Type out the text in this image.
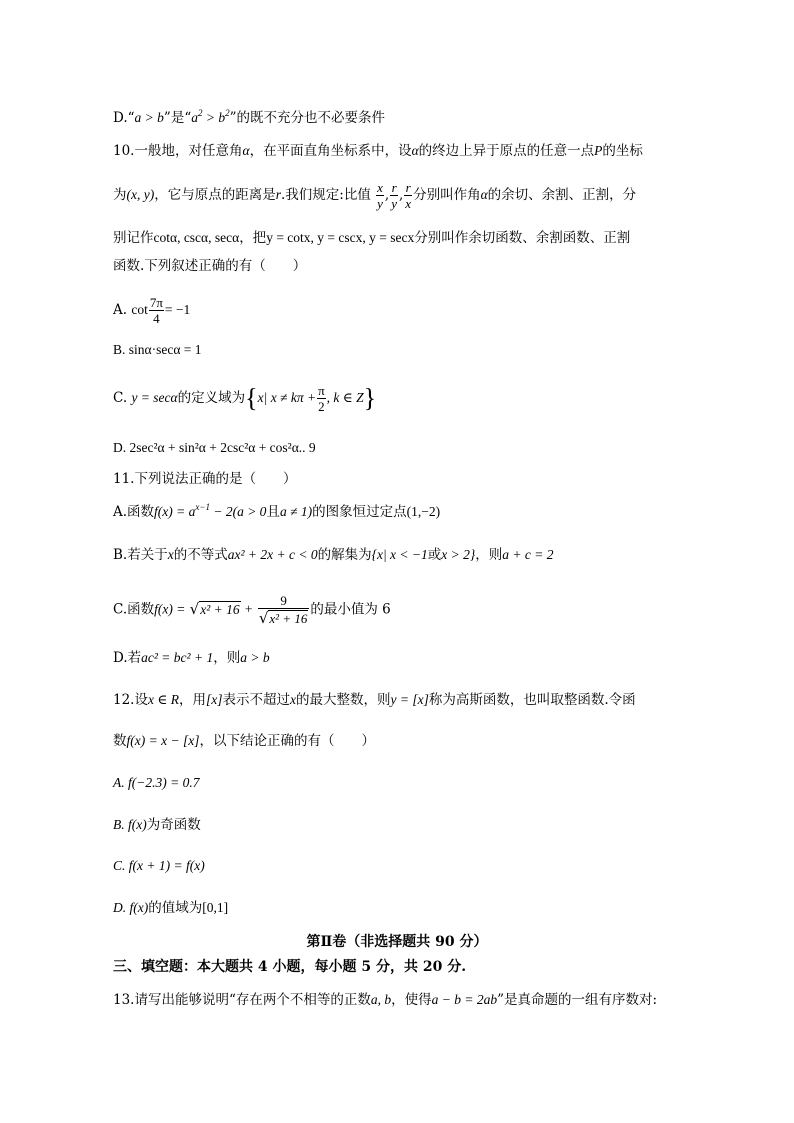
D.“a > b”是“$a^2 > b^2$”的既不充分也不必要条件
10.一般地，对任意角α，在平面直角坐标系中，设α的终边上异于原点的任意一点P的坐标
为(x, y)，它与原点的距离是r.我们规定:比值 $\frac{x}{y}$ , $\frac{r}{y}$ , $\frac{r}{x}$ 分别叫作角α的余切、余割、正割，分
别记作cotα, cscα, secα，把y = cotx, y = cscx, y = secx分别叫作余切函数、余割函数、正割
函数.下列叙述正确的有（　　）
A. $\cot \frac{7\pi}{4} = -1$
B. sinα·secα = 1
C. y = secα的定义域为{x| $x \ne k\pi + \frac{\pi}{2}$ , k ∈ Z}
D. 2sec²α + sin²α + 2csc²α + cos²α.. 9
11.下列说法正确的是（　　）
A.函数$f(x) = a^{x-1} - 2(a > 0$且a ≠ 1)的图象恒过定点(1,−2)
B.若关于x的不等式ax² + 2x + c < 0的解集为{x| x < −1或x > 2}，则a + c = 2
C.函数$f(x) = √x^2 + 16 + \frac{9}{\text{√x² + 16}}$ 的最小值为 6
D.若ac² = bc² + 1，则a > b
12.设x ∈ R，用[x]表示不超过x的最大整数，则y = [x]称为高斯函数，也叫取整函数.令函
数f(x) = x − [x]，以下结论正确的有（　　）
A. f(−2.3) = 0.7
B. f(x)为奇函数
C. f(x + 1) = f(x)
D. f(x)的值域为[0,1]
第Ⅱ卷（非选择题共 90 分）
三、填空题：本大题共 4 小题，每小题 5 分，共 20 分.
13.请写出能够说明“存在两个不相等的正数a, b，使得a − b = 2ab”是真命题的一组有序数对:
